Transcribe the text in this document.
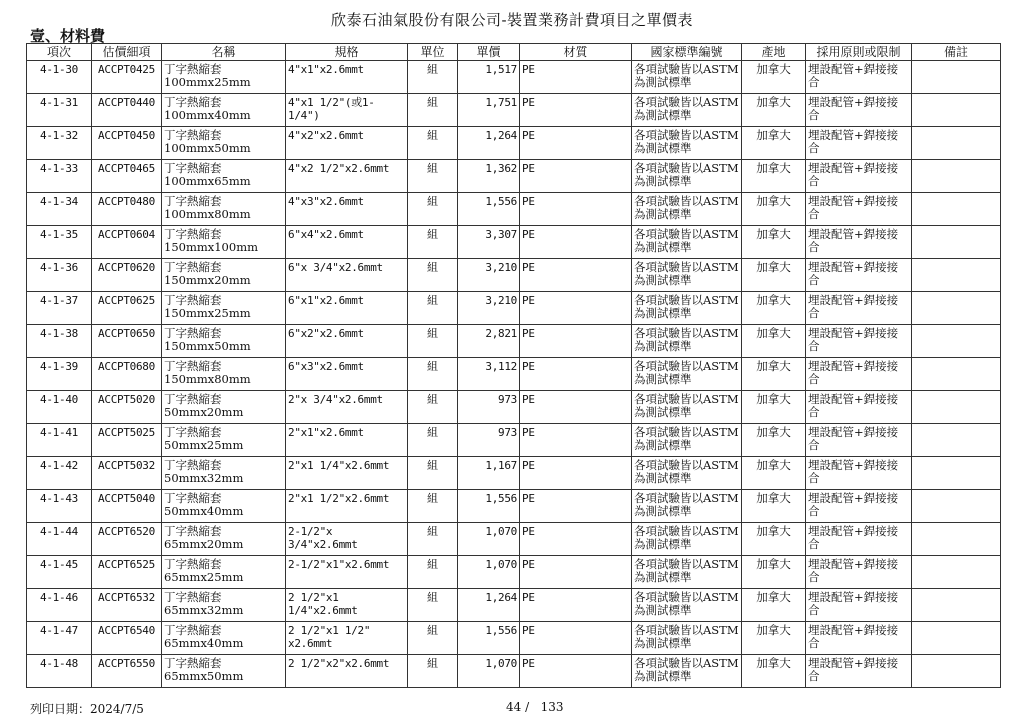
欣泰石油氣股份有限公司-裝置業務計費項目之單價表
壹、材料費
項次	估價細項	名稱	規格	單位	單價	材質	國家標準編號	產地	採用原則或限制	備註
4-1-30	ACCPT0425	丁字熱縮套 100mmx25mm	4"x1"x2.6mmt	組	1,517	PE	各項試驗皆以ASTM為測試標準	加拿大	埋設配管+銲接接合	
4-1-31	ACCPT0440	丁字熱縮套 100mmx40mm	4"x1 1/2"(或1-1/4")	組	1,751	PE	各項試驗皆以ASTM為測試標準	加拿大	埋設配管+銲接接合	
4-1-32	ACCPT0450	丁字熱縮套 100mmx50mm	4"x2"x2.6mmt	組	1,264	PE	各項試驗皆以ASTM為測試標準	加拿大	埋設配管+銲接接合	
4-1-33	ACCPT0465	丁字熱縮套 100mmx65mm	4"x2 1/2"x2.6mmt	組	1,362	PE	各項試驗皆以ASTM為測試標準	加拿大	埋設配管+銲接接合	
4-1-34	ACCPT0480	丁字熱縮套 100mmx80mm	4"x3"x2.6mmt	組	1,556	PE	各項試驗皆以ASTM為測試標準	加拿大	埋設配管+銲接接合	
4-1-35	ACCPT0604	丁字熱縮套 150mmx100mm	6"x4"x2.6mmt	組	3,307	PE	各項試驗皆以ASTM為測試標準	加拿大	埋設配管+銲接接合	
4-1-36	ACCPT0620	丁字熱縮套 150mmx20mm	6"x 3/4"x2.6mmt	組	3,210	PE	各項試驗皆以ASTM為測試標準	加拿大	埋設配管+銲接接合	
4-1-37	ACCPT0625	丁字熱縮套 150mmx25mm	6"x1"x2.6mmt	組	3,210	PE	各項試驗皆以ASTM為測試標準	加拿大	埋設配管+銲接接合	
4-1-38	ACCPT0650	丁字熱縮套 150mmx50mm	6"x2"x2.6mmt	組	2,821	PE	各項試驗皆以ASTM為測試標準	加拿大	埋設配管+銲接接合	
4-1-39	ACCPT0680	丁字熱縮套 150mmx80mm	6"x3"x2.6mmt	組	3,112	PE	各項試驗皆以ASTM為測試標準	加拿大	埋設配管+銲接接合	
4-1-40	ACCPT5020	丁字熱縮套 50mmx20mm	2"x 3/4"x2.6mmt	組	973	PE	各項試驗皆以ASTM為測試標準	加拿大	埋設配管+銲接接合	
4-1-41	ACCPT5025	丁字熱縮套 50mmx25mm	2"x1"x2.6mmt	組	973	PE	各項試驗皆以ASTM為測試標準	加拿大	埋設配管+銲接接合	
4-1-42	ACCPT5032	丁字熱縮套 50mmx32mm	2"x1 1/4"x2.6mmt	組	1,167	PE	各項試驗皆以ASTM為測試標準	加拿大	埋設配管+銲接接合	
4-1-43	ACCPT5040	丁字熱縮套 50mmx40mm	2"x1 1/2"x2.6mmt	組	1,556	PE	各項試驗皆以ASTM為測試標準	加拿大	埋設配管+銲接接合	
4-1-44	ACCPT6520	丁字熱縮套 65mmx20mm	2-1/2"x 3/4"x2.6mmt	組	1,070	PE	各項試驗皆以ASTM為測試標準	加拿大	埋設配管+銲接接合	
4-1-45	ACCPT6525	丁字熱縮套 65mmx25mm	2-1/2"x1"x2.6mmt	組	1,070	PE	各項試驗皆以ASTM為測試標準	加拿大	埋設配管+銲接接合	
4-1-46	ACCPT6532	丁字熱縮套 65mmx32mm	2 1/2"x1 1/4"x2.6mmt	組	1,264	PE	各項試驗皆以ASTM為測試標準	加拿大	埋設配管+銲接接合	
4-1-47	ACCPT6540	丁字熱縮套 65mmx40mm	2 1/2"x1 1/2" x2.6mmt	組	1,556	PE	各項試驗皆以ASTM為測試標準	加拿大	埋設配管+銲接接合	
4-1-48	ACCPT6550	丁字熱縮套 65mmx50mm	2 1/2"x2"x2.6mmt	組	1,070	PE	各項試驗皆以ASTM為測試標準	加拿大	埋設配管+銲接接合	
列印日期：2024/7/5	44 /   133
